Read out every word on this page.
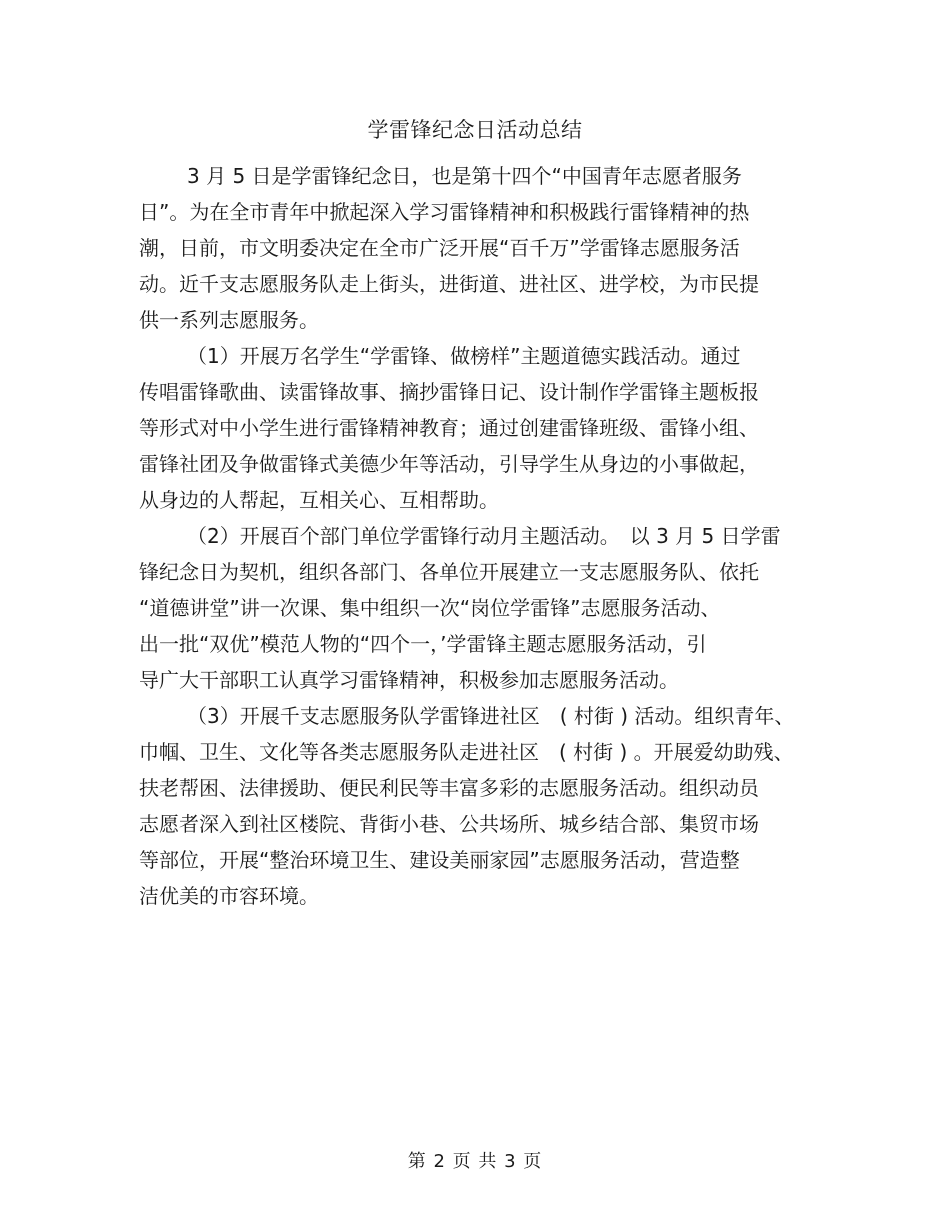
学雷锋纪念日活动总结

3 月 5 日是学雷锋纪念日，也是第十四个“中国青年志愿者服务
日”。为在全市青年中掀起深入学习雷锋精神和积极践行雷锋精神的热
潮，日前，市文明委决定在全市广泛开展“百千万”学雷锋志愿服务活
动。近千支志愿服务队走上街头，进街道、进社区、进学校，为市民提
供一系列志愿服务。

（1）开展万名学生“学雷锋、做榜样”主题道德实践活动。通过
传唱雷锋歌曲、读雷锋故事、摘抄雷锋日记、设计制作学雷锋主题板报
等形式对中小学生进行雷锋精神教育；通过创建雷锋班级、雷锋小组、
雷锋社团及争做雷锋式美德少年等活动，引导学生从身边的小事做起，
从身边的人帮起，互相关心、互相帮助。

（2）开展百个部门单位学雷锋行动月主题活动。　以 3 月 5 日学雷
锋纪念日为契机，组织各部门、各单位开展建立一支志愿服务队、依托
“道德讲堂”讲一次课、集中组织一次“岗位学雷锋”志愿服务活动、
出一批“双优”模范人物的“四个一，’学雷锋主题志愿服务活动，引
导广大干部职工认真学习雷锋精神，积极参加志愿服务活动。

（3）开展千支志愿服务队学雷锋进社区　( 村街 ) 活动。组织青年、
巾帼、卫生、文化等各类志愿服务队走进社区　( 村街 ) 。开展爱幼助残、
扶老帮困、法律援助、便民利民等丰富多彩的志愿服务活动。组织动员
志愿者深入到社区楼院、背街小巷、公共场所、城乡结合部、集贸市场
等部位，开展“整治环境卫生、建设美丽家园”志愿服务活动，营造整
洁优美的市容环境。

第 2 页 共 3 页
